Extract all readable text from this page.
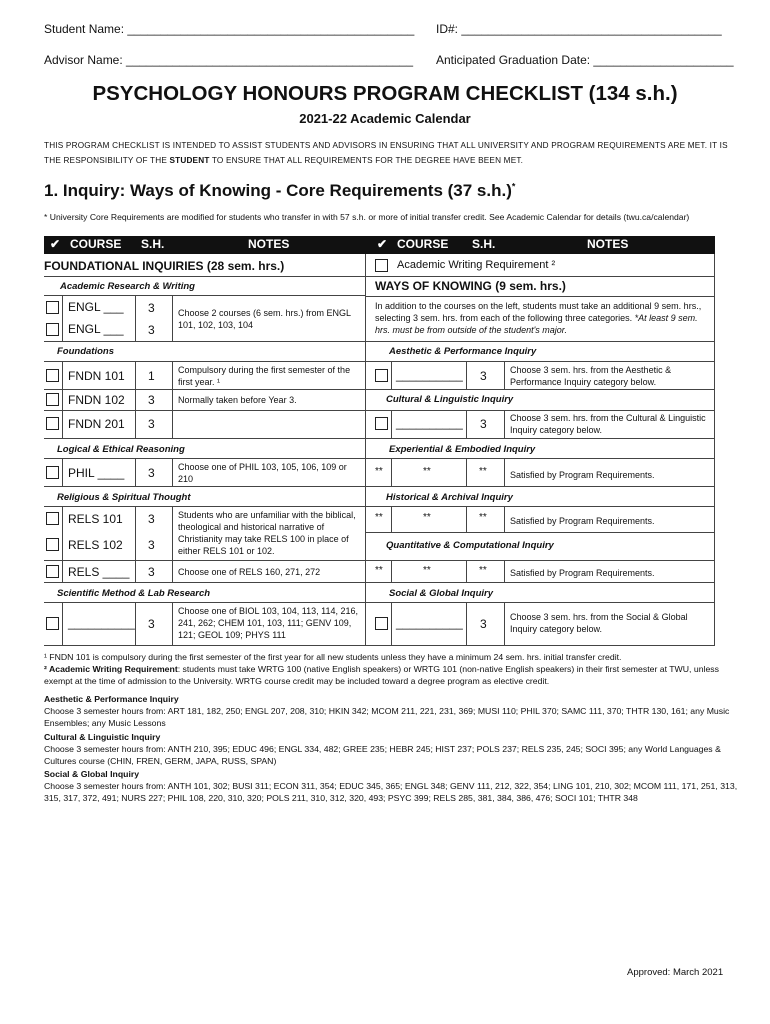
Student Name: ___________________________________________ ID#: _______________________________________
Advisor Name: ___________________________________________ Anticipated Graduation Date: _____________________
PSYCHOLOGY HONOURS PROGRAM CHECKLIST (134 s.h.)
2021-22 Academic Calendar
THIS PROGRAM CHECKLIST IS INTENDED TO ASSIST STUDENTS AND ADVISORS IN ENSURING THAT ALL UNIVERSITY AND PROGRAM REQUIREMENTS ARE MET. IT IS THE RESPONSIBILITY OF THE STUDENT TO ENSURE THAT ALL REQUIREMENTS FOR THE DEGREE HAVE BEEN MET.
1. Inquiry: Ways of Knowing - Core Requirements (37 s.h.)*
* University Core Requirements are modified for students who transfer in with 57 s.h. or more of initial transfer credit. See Academic Calendar for details (twu.ca/calendar)
✔ COURSE S.H.	NOTES	✔ COURSE S.H.	NOTES
FOUNDATIONAL INQUIRIES (28 sem. hrs.)
Academic Research & Writing
ENGL ___ 3
ENGL ___ 3
Choose 2 courses (6 sem. hrs.) from ENGL 101, 102, 103, 104
Foundations
FNDN 101 1	Compulsory during the first semester of the first year. ¹
FNDN 102 3	Normally taken before Year 3.
FNDN 201 3
Logical & Ethical Reasoning
PHIL ____ 3	Choose one of PHIL 103, 105, 106, 109 or 210
Religious & Spiritual Thought
RELS 101 3
RELS 102 3
Students who are unfamiliar with the biblical, theological and historical narrative of Christianity may take RELS 100 in place of either RELS 101 or 102.
RELS ____ 3	Choose one of RELS 160, 271, 272
Scientific Method & Lab Research
__________ 3
Choose one of BIOL 103, 104, 113, 114, 216, 241, 262; CHEM 101, 103, 111; GENV 109, 121; GEOL 109; PHYS 111
Academic Writing Requirement ²
WAYS OF KNOWING (9 sem. hrs.)
In addition to the courses on the left, students must take an additional 9 sem. hrs., selecting 3 sem. hrs. from each of the following three categories. *At least 9 sem. hrs. must be from outside of the student's major.
Aesthetic & Performance Inquiry
__________ 3	Choose 3 sem. hrs. from the Aesthetic & Performance Inquiry category below.
Cultural & Linguistic Inquiry
__________ 3	Choose 3 sem. hrs. from the Cultural & Linguistic Inquiry category below.
Experiential & Embodied Inquiry
**	**	**	Satisfied by Program Requirements.
Historical & Archival Inquiry
**	**	**	Satisfied by Program Requirements.
Quantitative & Computational Inquiry
**	**	**	Satisfied by Program Requirements.
Social & Global Inquiry
__________ 3	Choose 3 sem. hrs. from the Social & Global Inquiry category below.
¹ FNDN 101 is compulsory during the first semester of the first year for all new students unless they have a minimum 24 sem. hrs. initial transfer credit.
² Academic Writing Requirement: students must take WRTG 100 (native English speakers) or WRTG 101 (non-native English speakers) in their first semester at TWU, unless exempt at the time of admission to the University. WRTG course credit may be included toward a degree program as elective credit.
Aesthetic & Performance Inquiry
Choose 3 semester hours from: ART 181, 182, 250; ENGL 207, 208, 310; HKIN 342; MCOM 211, 221, 231, 369; MUSI 110; PHIL 370; SAMC 111, 370; THTR 130, 161; any Music Ensembles; any Music Lessons
Cultural & Linguistic Inquiry
Choose 3 semester hours from: ANTH 210, 395; EDUC 496; ENGL 334, 482; GREE 235; HEBR 245; HIST 237; POLS 237; RELS 235, 245; SOCI 395; any World Languages & Cultures course (CHIN, FREN, GERM, JAPA, RUSS, SPAN)
Social & Global Inquiry
Choose 3 semester hours from: ANTH 101, 302; BUSI 311; ECON 311, 354; EDUC 345, 365; ENGL 348; GENV 111, 212, 322, 354; LING 101, 210, 302; MCOM 111, 171, 251, 313, 315, 317, 372, 491; NURS 227; PHIL 108, 220, 310, 320; POLS 211, 310, 312, 320, 493; PSYC 399; RELS 285, 381, 384, 386, 476; SOCI 101; THTR 348
Approved: March 2021
